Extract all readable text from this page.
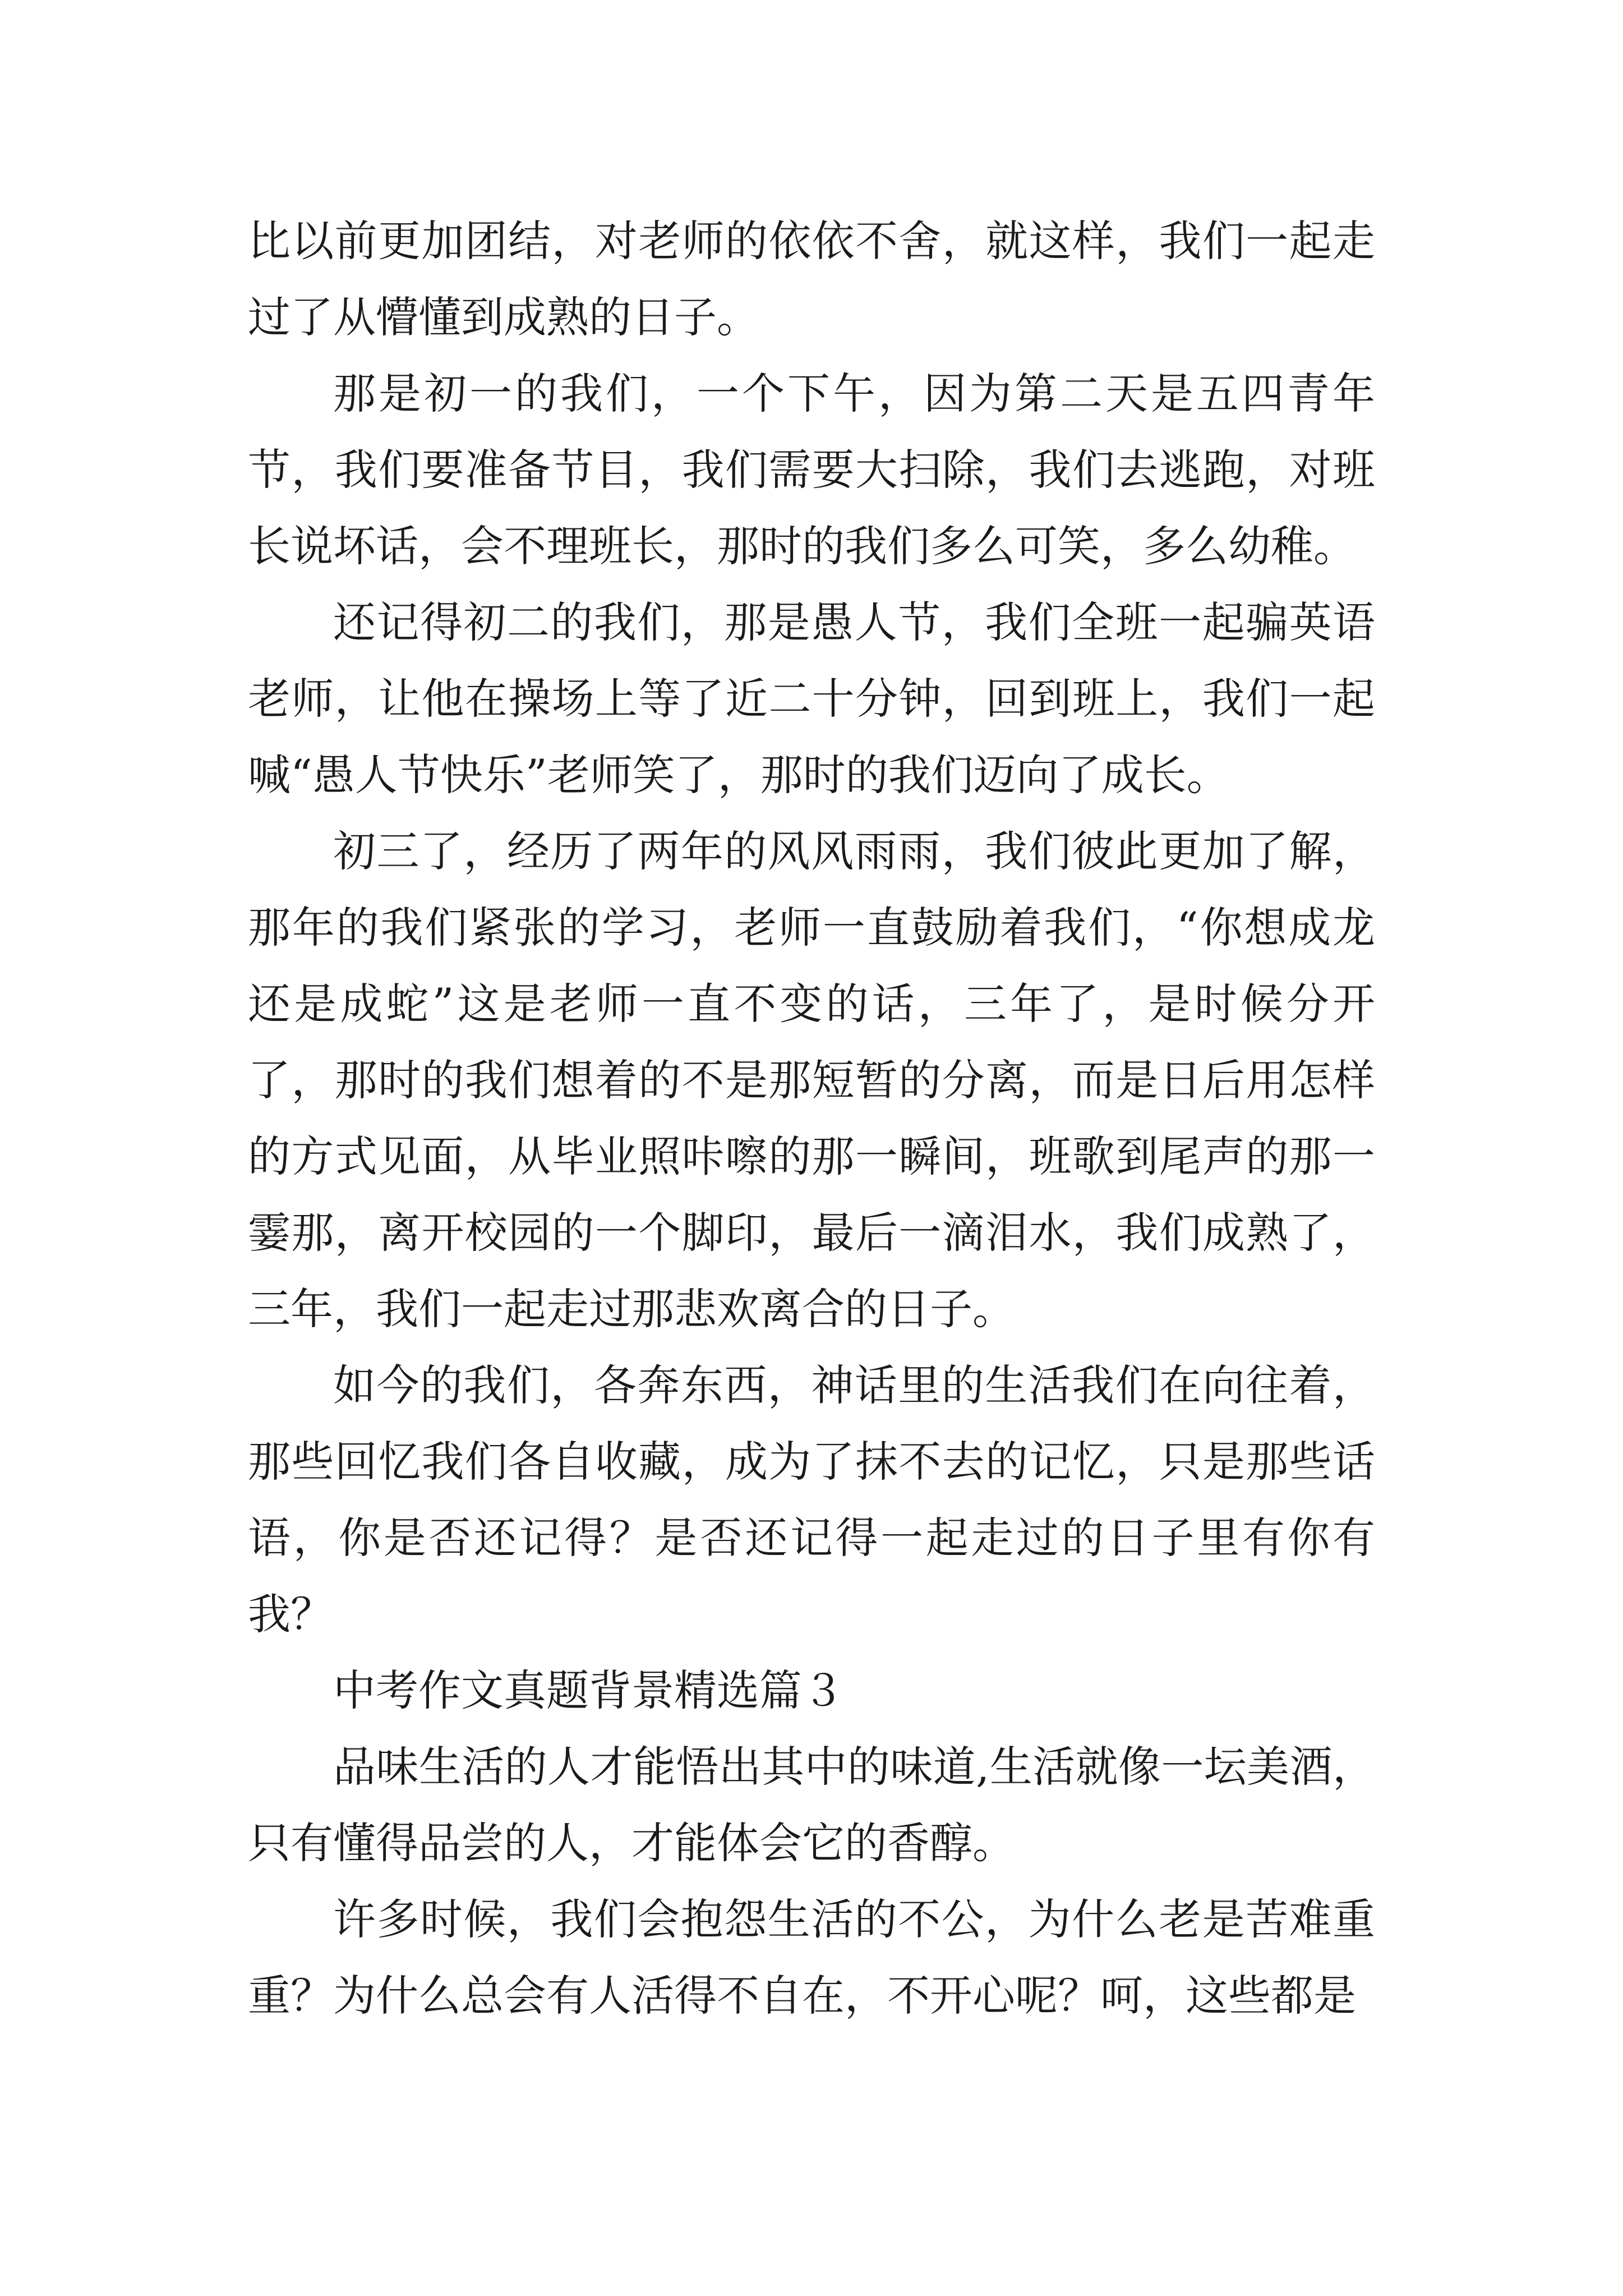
比以前更加团结，对老师的依依不舍，就这样，我们一起走过了从懵懂到成熟的日子。

那是初一的我们，一个下午，因为第二天是五四青年节，我们要准备节目，我们需要大扫除，我们去逃跑，对班长说坏话，会不理班长，那时的我们多么可笑，多么幼稚。

还记得初二的我们，那是愚人节，我们全班一起骗英语老师，让他在操场上等了近二十分钟，回到班上，我们一起喊“愚人节快乐”老师笑了，那时的我们迈向了成长。

初三了，经历了两年的风风雨雨，我们彼此更加了解，那年的我们紧张的学习，老师一直鼓励着我们，“你想成龙还是成蛇”这是老师一直不变的话，三年了，是时候分开了，那时的我们想着的不是那短暂的分离，而是日后用怎样的方式见面，从毕业照咔嚓的那一瞬间，班歌到尾声的那一霎那，离开校园的一个脚印，最后一滴泪水，我们成熟了，三年，我们一起走过那悲欢离合的日子。

如今的我们，各奔东西，神话里的生活我们在向往着，那些回忆我们各自收藏，成为了抹不去的记忆，只是那些话语，你是否还记得？是否还记得一起走过的日子里有你有我？

中考作文真题背景精选篇３

品味生活的人才能悟出其中的味道,生活就像一坛美酒，只有懂得品尝的人，才能体会它的香醇。

许多时候，我们会抱怨生活的不公，为什么老是苦难重重？为什么总会有人活得不自在，不开心呢？呵，这些都是
